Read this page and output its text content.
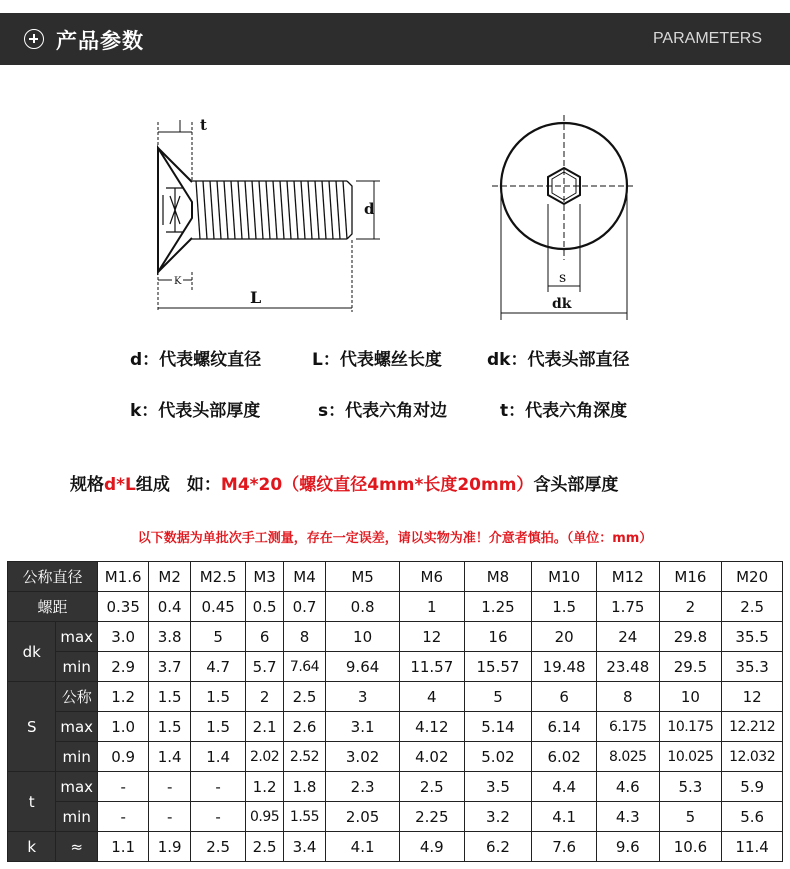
产品参数	PARAMETERS
t
d
K
L
s
dk
d：代表螺纹直径	L：代表螺丝长度	dk：代表头部直径
k：代表头部厚度	s：代表六角对边	t：代表六角深度
规格d*L组成　如：M4*20（螺纹直径4mm*长度20mm）含头部厚度
以下数据为单批次手工测量，存在一定误差，请以实物为准！介意者慎拍。（单位：mm）
公称直径		M1.6	M2	M2.5	M3	M4	M5	M6	M8	M10	M12	M16	M20
螺距		0.35	0.4	0.45	0.5	0.7	0.8	1	1.25	1.5	1.75	2	2.5
dk	max	3.0	3.8	5	6	8	10	12	16	20	24	29.8	35.5
	min	2.9	3.7	4.7	5.7	7.64	9.64	11.57	15.57	19.48	23.48	29.5	35.3
S	公称	1.2	1.5	1.5	2	2.5	3	4	5	6	8	10	12
	max	1.0	1.5	1.5	2.1	2.6	3.1	4.12	5.14	6.14	6.175	10.175	12.212
	min	0.9	1.4	1.4	2.02	2.52	3.02	4.02	5.02	6.02	8.025	10.025	12.032
t	max	-	-	-	1.2	1.8	2.3	2.5	3.5	4.4	4.6	5.3	5.9
	min	-	-	-	0.95	1.55	2.05	2.25	3.2	4.1	4.3	5	5.6
k	≈	1.1	1.9	2.5	2.5	3.4	4.1	4.9	6.2	7.6	9.6	10.6	11.4
